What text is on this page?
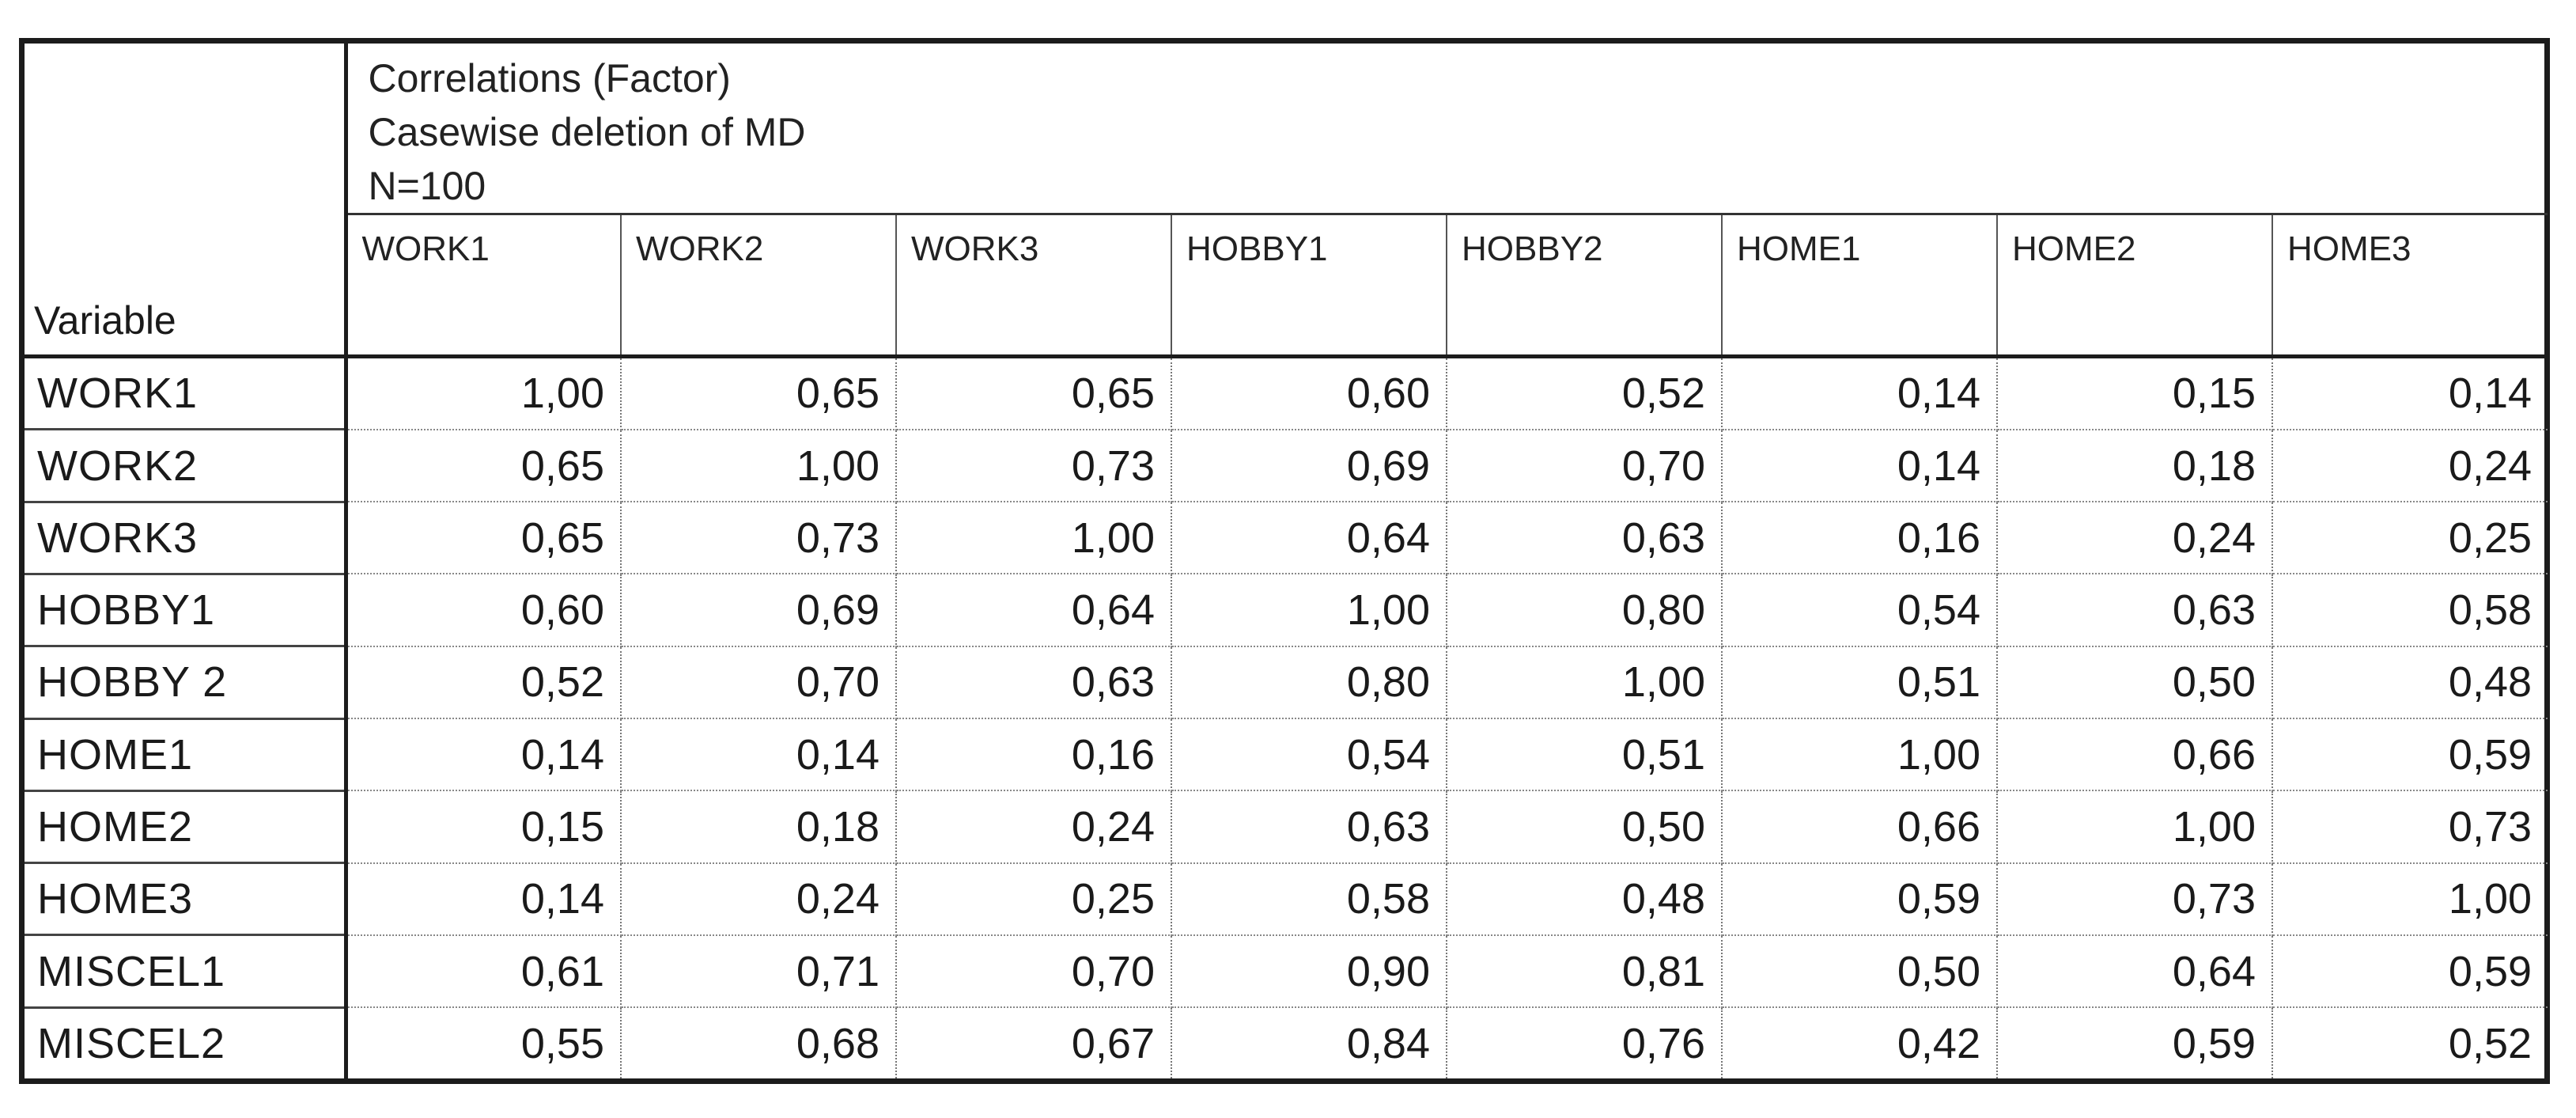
Variable	Correlations (Factor)
Casewise deletion of MD
N=100							

	WORK1	WORK2	WORK3	HOBBY1	HOBBY2	HOME1	HOME2	HOME3
WORK1	1,00	0,65	0,65	0,60	0,52	0,14	0,15	0,14
WORK2	0,65	1,00	0,73	0,69	0,70	0,14	0,18	0,24
WORK3	0,65	0,73	1,00	0,64	0,63	0,16	0,24	0,25
HOBBY1	0,60	0,69	0,64	1,00	0,80	0,54	0,63	0,58
HOBBY 2	0,52	0,70	0,63	0,80	1,00	0,51	0,50	0,48
HOME1	0,14	0,14	0,16	0,54	0,51	1,00	0,66	0,59
HOME2	0,15	0,18	0,24	0,63	0,50	0,66	1,00	0,73
HOME3	0,14	0,24	0,25	0,58	0,48	0,59	0,73	1,00
MISCEL1	0,61	0,71	0,70	0,90	0,81	0,50	0,64	0,59
MISCEL2	0,55	0,68	0,67	0,84	0,76	0,42	0,59	0,52
